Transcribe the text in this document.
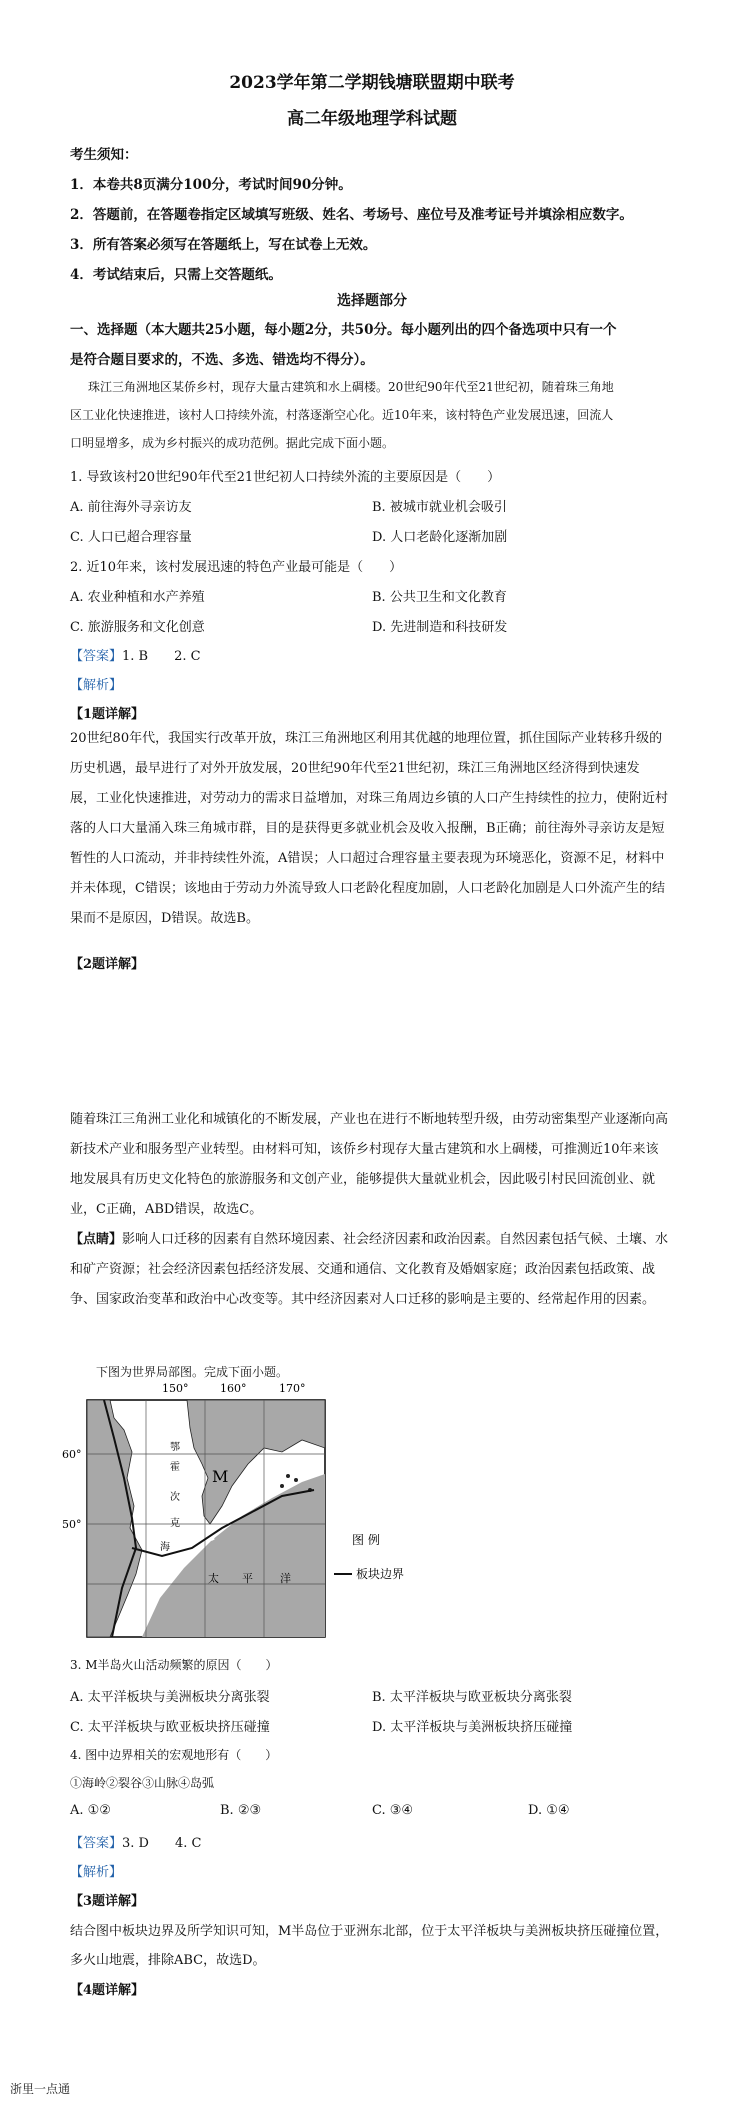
2023学年第二学期钱塘联盟期中联考
高二年级地理学科试题
考生须知：
1．本卷共8页满分100分，考试时间90分钟。
2．答题前，在答题卷指定区域填写班级、姓名、考场号、座位号及准考证号并填涂相应数字。
3．所有答案必须写在答题纸上，写在试卷上无效。
4．考试结束后，只需上交答题纸。
选择题部分
一、选择题（本大题共25小题，每小题2分，共50分。每小题列出的四个备选项中只有一个
是符合题目要求的，不选、多选、错选均不得分）。
珠江三角洲地区某侨乡村，现存大量古建筑和水上碉楼。20世纪90年代至21世纪初，随着珠三角地
区工业化快速推进，该村人口持续外流，村落逐渐空心化。近10年来，该村特色产业发展迅速，回流人
口明显增多，成为乡村振兴的成功范例。据此完成下面小题。
1. 导致该村20世纪90年代至21世纪初人口持续外流的主要原因是（　　）
A. 前往海外寻亲访友	B. 被城市就业机会吸引
C. 人口已超合理容量	D. 人口老龄化逐渐加剧
2. 近10年来，该村发展迅速的特色产业最可能是（　　）
A. 农业种植和水产养殖	B. 公共卫生和文化教育
C. 旅游服务和文化创意	D. 先进制造和科技研发
【答案】1. B　　2. C
【解析】
【1题详解】
20世纪80年代，我国实行改革开放，珠江三角洲地区利用其优越的地理位置，抓住国际产业转移升级的
历史机遇，最早进行了对外开放发展，20世纪90年代至21世纪初，珠江三角洲地区经济得到快速发
展，工业化快速推进，对劳动力的需求日益增加，对珠三角周边乡镇的人口产生持续性的拉力，使附近村
落的人口大量涌入珠三角城市群，目的是获得更多就业机会及收入报酬，B正确；前往海外寻亲访友是短
暂性的人口流动，并非持续性外流，A错误；人口超过合理容量主要表现为环境恶化，资源不足，材料中
并未体现，C错误；该地由于劳动力外流导致人口老龄化程度加剧，人口老龄化加剧是人口外流产生的结
果而不是原因，D错误。故选B。
【2题详解】
随着珠江三角洲工业化和城镇化的不断发展，产业也在进行不断地转型升级，由劳动密集型产业逐渐向高
新技术产业和服务型产业转型。由材料可知，该侨乡村现存大量古建筑和水上碉楼，可推测近10年来该
地发展具有历史文化特色的旅游服务和文创产业，能够提供大量就业机会，因此吸引村民回流创业、就
业，C正确，ABD错误，故选C。
【点睛】影响人口迁移的因素有自然环境因素、社会经济因素和政治因素。自然因素包括气候、土壤、水
和矿产资源；社会经济因素包括经济发展、交通和通信、文化教育及婚姻家庭；政治因素包括政策、战
争、国家政治变革和政治中心改变等。其中经济因素对人口迁移的影响是主要的、经常起作用的因素。
下图为世界局部图。完成下面小题。
150°	160°	170°
60°
50°
M
鄂
霍
次
克
海
太 平 洋
图 例
板块边界
3. M半岛火山活动频繁的原因（　　）
A. 太平洋板块与美洲板块分离张裂	B. 太平洋板块与欧亚板块分离张裂
C. 太平洋板块与欧亚板块挤压碰撞	D. 太平洋板块与美洲板块挤压碰撞
4. 图中边界相关的宏观地形有（　　）
①海岭②裂谷③山脉④岛弧
A. ①②	B. ②③	C. ③④	D. ①④
【答案】3. D　　4. C
【解析】
【3题详解】
结合图中板块边界及所学知识可知，M半岛位于亚洲东北部，位于太平洋板块与美洲板块挤压碰撞位置，
多火山地震，排除ABC，故选D。
【4题详解】
浙里一点通
